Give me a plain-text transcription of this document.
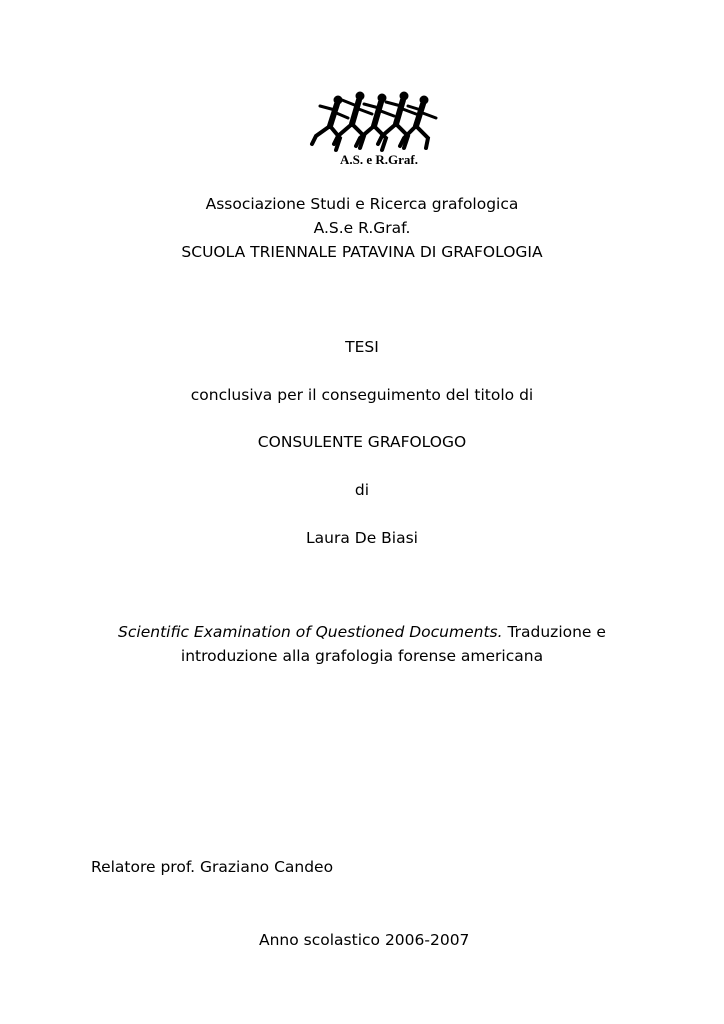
A.S. e R.Graf.
Associazione Studi e Ricerca grafologica
A.S.e R.Graf.
SCUOLA TRIENNALE PATAVINA DI GRAFOLOGIA
TESI
conclusiva per il conseguimento del titolo di
CONSULENTE GRAFOLOGO
di
Laura De Biasi
Scientific Examination of Questioned Documents. Traduzione e
introduzione alla grafologia forense americana
Relatore prof. Graziano Candeo
Anno scolastico 2006-2007
